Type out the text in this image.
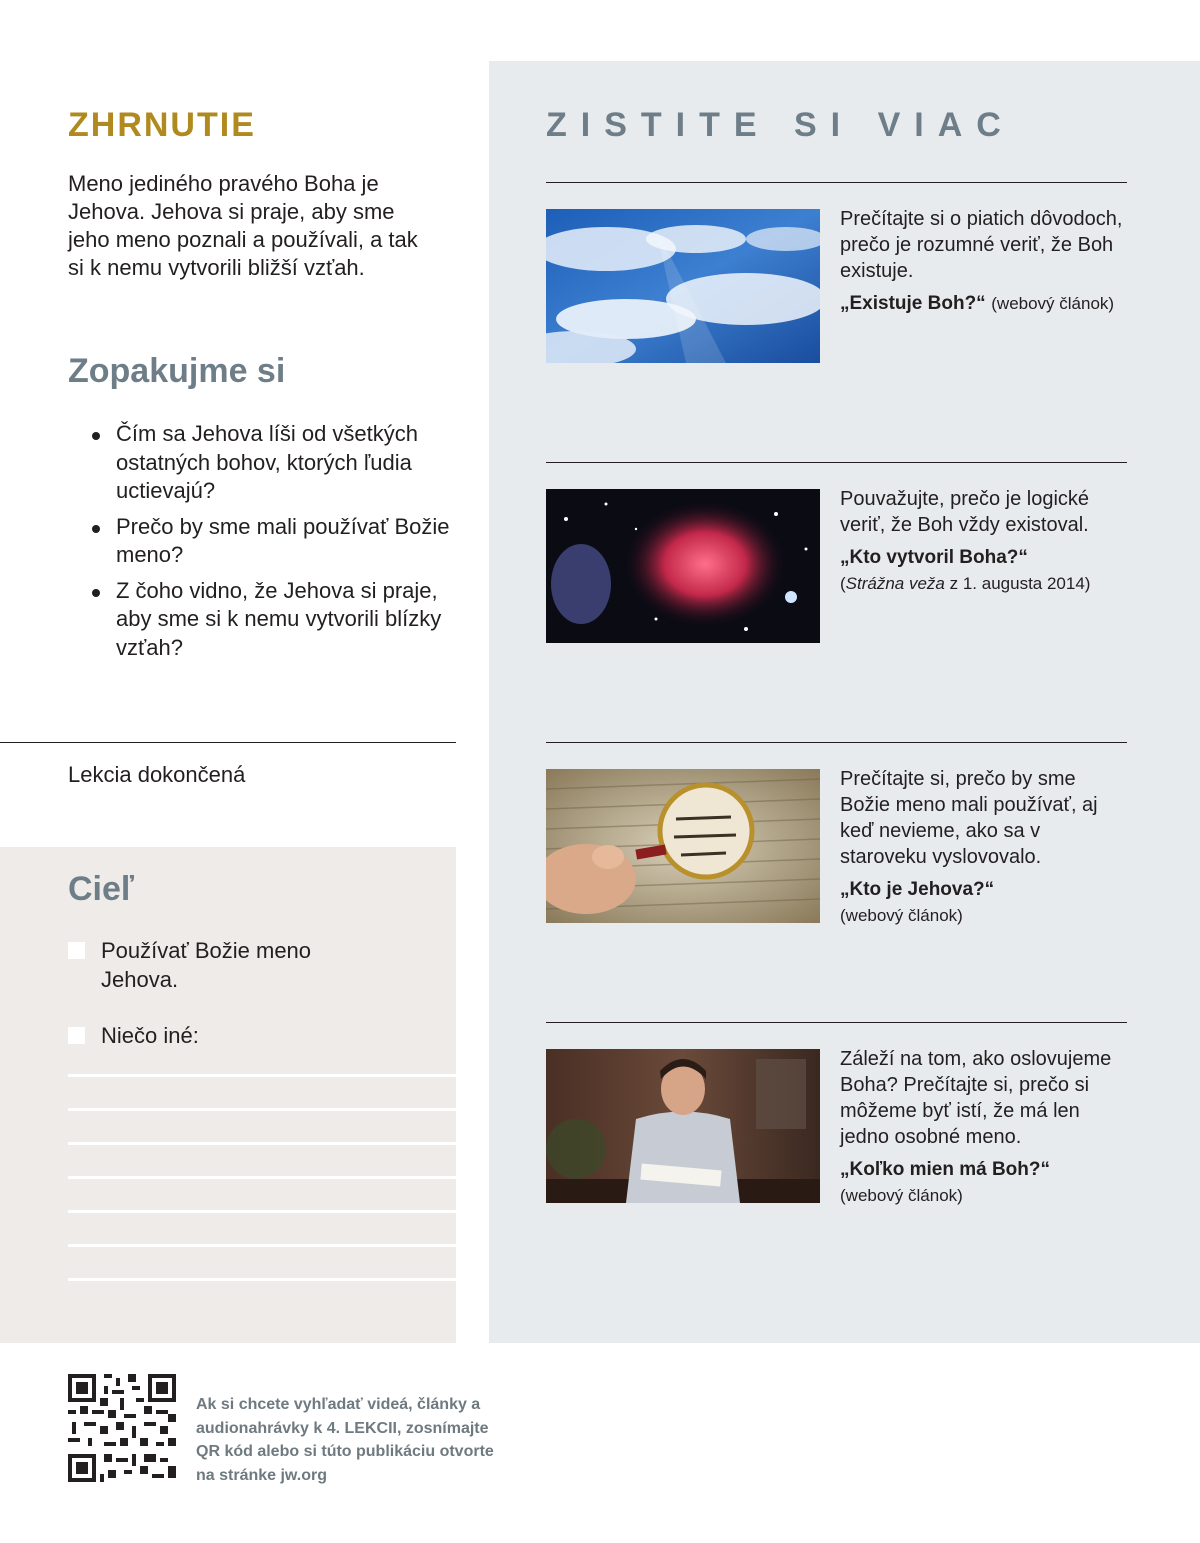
ZHRNUTIE

Meno jediného pravého Boha je Jehova. Jehova si praje, aby sme jeho meno poznali a používali, a tak si k nemu vytvorili bližší vzťah.

Zopakujme si
Čím sa Jehova líši od všetkých ostatných bohov, ktorých ľudia uctievajú?
Prečo by sme mali používať Božie meno?
Z čoho vidno, že Jehova si praje, aby sme si k nemu vytvorili blízky vzťah?
Lekcia dokončená
Cieľ
Používať Božie meno Jehova.
Niečo iné:
ZISTITE SI VIAC

Prečítajte si o piatich dôvodoch, prečo je rozumné veriť, že Boh existuje.

„Existuje Boh?“ (webový článok)

Pouvažujte, prečo je logické veriť, že Boh vždy existoval.

„Kto vytvoril Boha?“

(Strážna veža z 1. augusta 2014)

Prečítajte si, prečo by sme Božie meno mali používať, aj keď nevieme, ako sa v staroveku vyslovovalo.

„Kto je Jehova?“

(webový článok)

Záleží na tom, ako oslovujeme Boha? Prečítajte si, prečo si môžeme byť istí, že má len jedno osobné meno.

„Koľko mien má Boh?“

(webový článok)

Ak si chcete vyhľadať videá, články a audionahrávky k 4. LEKCII, zosnímajte QR kód alebo si túto publikáciu otvorte na stránke jw.org
